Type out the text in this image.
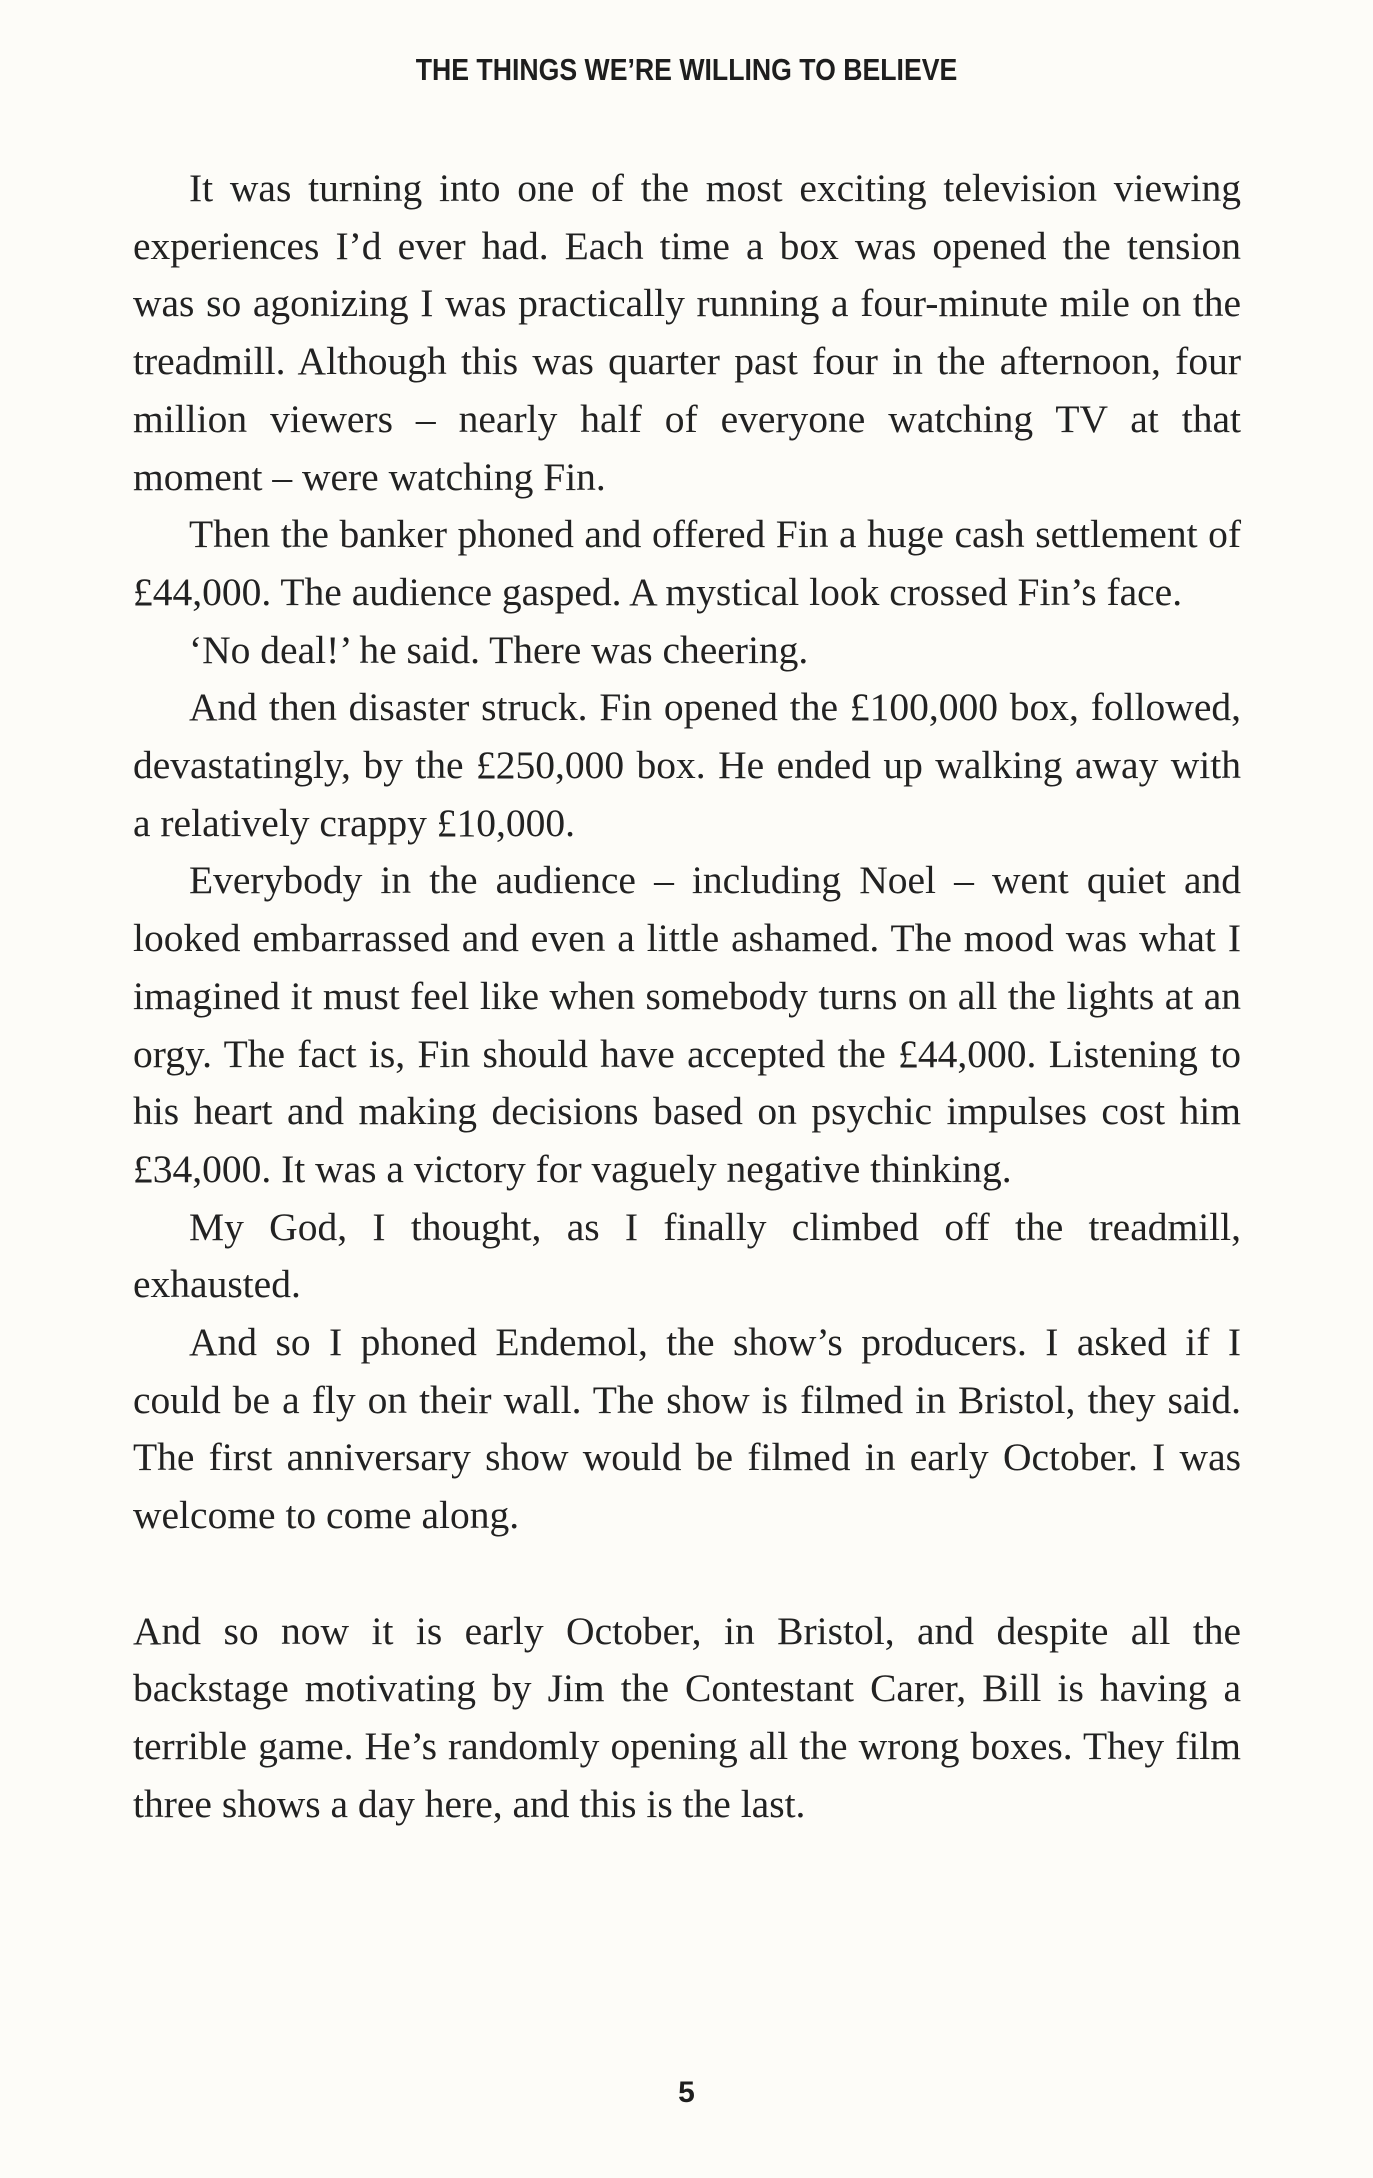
THE THINGS WE’RE WILLING TO BELIEVE

It was turning into one of the most exciting television viewing experiences I’d ever had. Each time a box was opened the tension was so agonizing I was practically running a four-minute mile on the treadmill. Although this was quarter past four in the afternoon, four million viewers – nearly half of everyone watching TV at that moment – were watching Fin.

Then the banker phoned and offered Fin a huge cash settlement of £44,000. The audience gasped. A mystical look crossed Fin’s face.

‘No deal!’ he said. There was cheering.

And then disaster struck. Fin opened the £100,000 box, followed, devastatingly, by the £250,000 box. He ended up walking away with a relatively crappy £10,000.

Everybody in the audience – including Noel – went quiet and looked embarrassed and even a little ashamed. The mood was what I imagined it must feel like when somebody turns on all the lights at an orgy. The fact is, Fin should have accepted the £44,000. Listening to his heart and making decisions based on psychic impulses cost him £34,000. It was a victory for vaguely negative thinking.

My God, I thought, as I finally climbed off the treadmill, exhausted.

And so I phoned Endemol, the show’s producers. I asked if I could be a fly on their wall. The show is filmed in Bristol, they said. The first anniversary show would be filmed in early October. I was welcome to come along.

And so now it is early October, in Bristol, and despite all the backstage motivating by Jim the Contestant Carer, Bill is having a terrible game. He’s randomly opening all the wrong boxes. They film three shows a day here, and this is the last.

5
